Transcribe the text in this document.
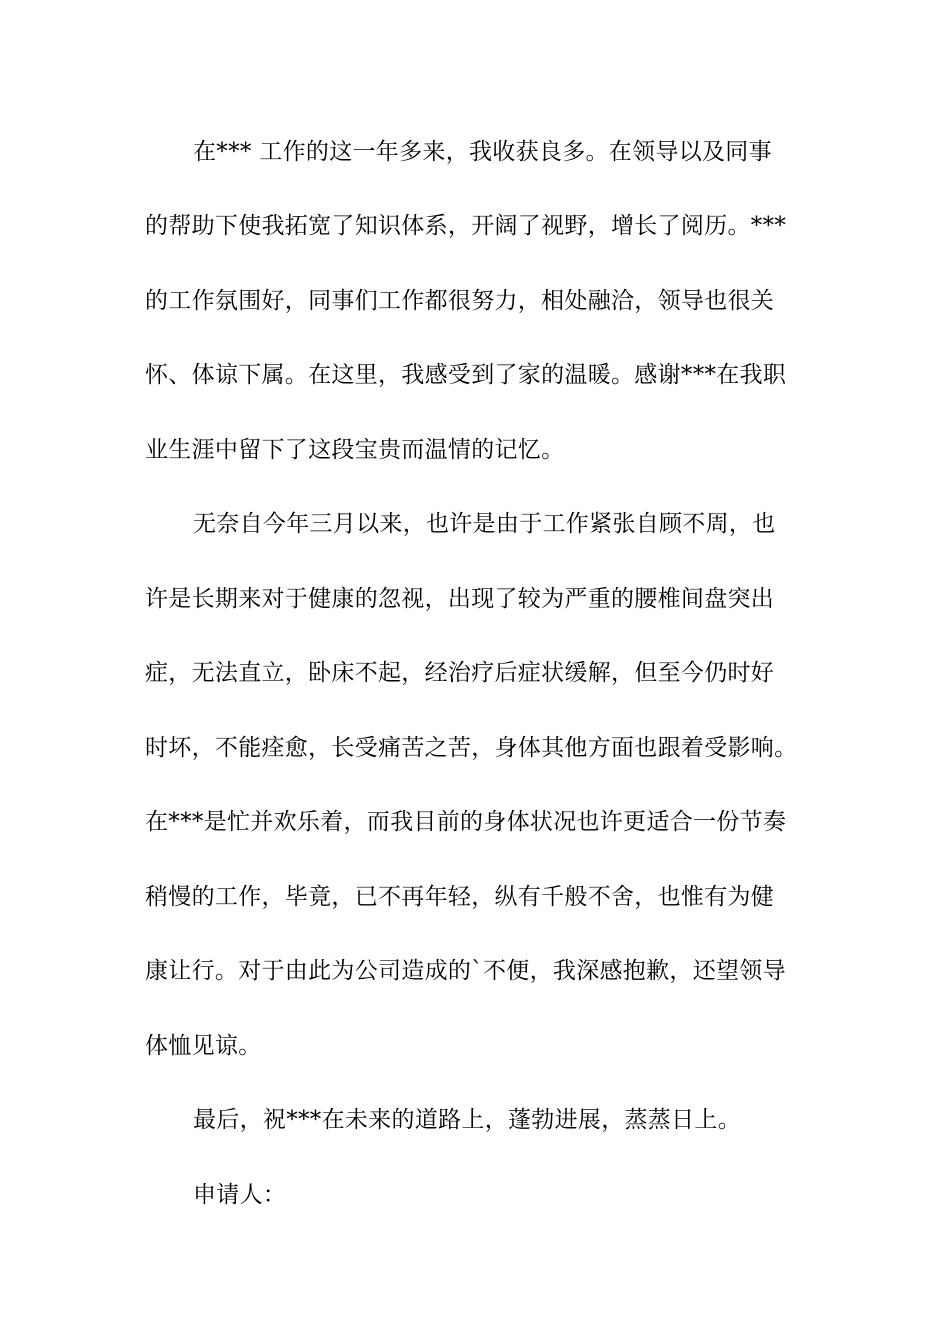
在*** 工作的这一年多来，我收获良多。在领导以及同事
的帮助下使我拓宽了知识体系，开阔了视野，增长了阅历。***
的工作氛围好，同事们工作都很努力，相处融洽，领导也很关
怀、体谅下属。在这里，我感受到了家的温暖。感谢***在我职
业生涯中留下了这段宝贵而温情的记忆。
无奈自今年三月以来，也许是由于工作紧张自顾不周，也
许是长期来对于健康的忽视，出现了较为严重的腰椎间盘突出
症，无法直立，卧床不起，经治疗后症状缓解，但至今仍时好
时坏，不能痊愈，长受痛苦之苦，身体其他方面也跟着受影响。
在***是忙并欢乐着，而我目前的身体状况也许更适合一份节奏
稍慢的工作，毕竟，已不再年轻，纵有千般不舍，也惟有为健
康让行。对于由此为公司造成的`不便，我深感抱歉，还望领导
体恤见谅。
最后，祝***在未来的道路上，蓬勃进展，蒸蒸日上。
申请人：
